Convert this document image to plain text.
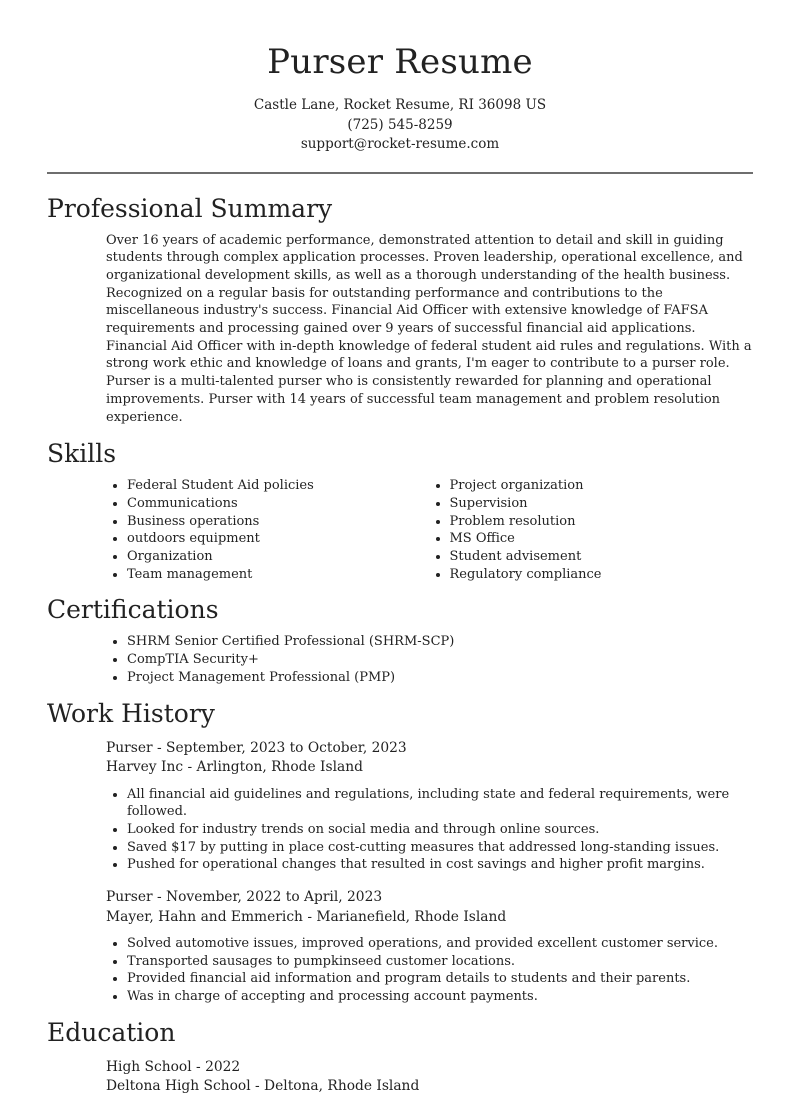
Purser Resume
Castle Lane, Rocket Resume, RI 36098 US
(725) 545-8259
support@rocket-resume.com
Professional Summary

Over 16 years of academic performance, demonstrated attention to detail and skill in guiding students through complex application processes. Proven leadership, operational excellence, and organizational development skills, as well as a thorough understanding of the health business. Recognized on a regular basis for outstanding performance and contributions to the miscellaneous industry's success. Financial Aid Officer with extensive knowledge of FAFSA requirements and processing gained over 9 years of successful financial aid applications. Financial Aid Officer with in-depth knowledge of federal student aid rules and regulations. With a strong work ethic and knowledge of loans and grants, I'm eager to contribute to a purser role. Purser is a multi-talented purser who is consistently rewarded for planning and operational improvements. Purser with 14 years of successful team management and problem resolution experience.

Skills
• Federal Student Aid policies
• Communications
• Business operations
• outdoors equipment
• Organization
• Team management
• Project organization
• Supervision
• Problem resolution
• MS Office
• Student advisement
• Regulatory compliance
Certifications
• SHRM Senior Certified Professional (SHRM-SCP)
• CompTIA Security+
• Project Management Professional (PMP)
Work History
Purser - September, 2023 to October, 2023
Harvey Inc - Arlington, Rhode Island
• All financial aid guidelines and regulations, including state and federal requirements, were followed.
• Looked for industry trends on social media and through online sources.
• Saved $17 by putting in place cost-cutting measures that addressed long-standing issues.
• Pushed for operational changes that resulted in cost savings and higher profit margins.
Purser - November, 2022 to April, 2023
Mayer, Hahn and Emmerich - Marianefield, Rhode Island
• Solved automotive issues, improved operations, and provided excellent customer service.
• Transported sausages to pumpkinseed customer locations.
• Provided financial aid information and program details to students and their parents.
• Was in charge of accepting and processing account payments.
Education
High School - 2022
Deltona High School - Deltona, Rhode Island
